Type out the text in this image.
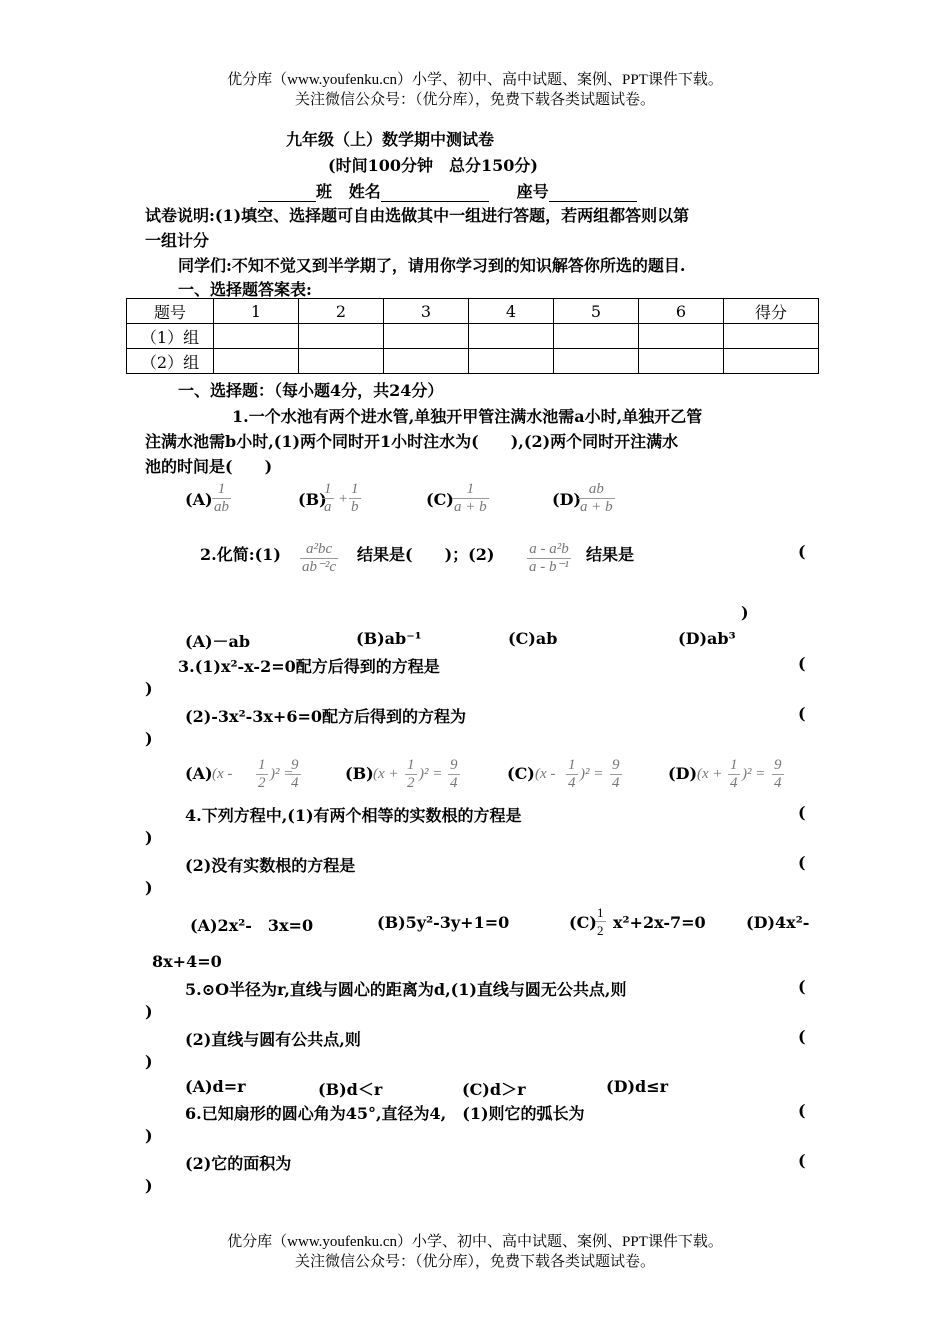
优分库（www.youfenku.cn）小学、初中、高中试题、案例、PPT课件下载。
关注微信公众号：（优分库），免费下载各类试题试卷。
九年级（上）数学期中测试卷
(时间100分钟　总分150分)
班 姓名	座号
试卷说明:(1)填空、选择题可自由选做其中一组进行答题，若两组都答则以第
一组计分
同学们:不知不觉又到半学期了，请用你学习到的知识解答你所选的题目.
一、选择题答案表:
题号	1	2	3	4	5	6	得分
（1）组							
（2）组							
一、选择题：（每小题4分，共24分）
1.一个水池有两个进水管,单独开甲管注满水池需a小时,单独开乙管
注满水池需b小时,(1)两个同时开1小时注水为(　　),(2)两个同时开注满水
池的时间是(　　)
$(A) \frac{1}{ab}$	(B)
$\frac{1}{a} + \frac{1}{b}$	(C)
$\frac{1}{a + b}$	(D)
$\frac{ab}{a + b}$
2.化简:(1) $\frac{\text{a²bc}}{\text{ab⁻²c}}$ 结果是(　　)；$(2) \frac{\text{a - a²b}}{\text{a - b⁻¹}}$ 结果是	(
)
(A)－ab	(B)ab⁻¹	(C)ab	(D)ab³
3.(1)x²-x-2=0配方后得到的方程是	(
)
(2)-3x²-3x+6=0配方后得到的方程为	(
)
(A) $(x - \frac{1}{2} )^2$ =
$\frac{9}{4}$	(B) $(x + \frac{1}{2} )^2 = \frac{9}{4}$	(C) $(x - \frac{1}{4} )^2 = \frac{9}{4}$	(D) $(x + \frac{1}{4} )^2 = \frac{9}{4}$
4.下列方程中,(1)有两个相等的实数根的方程是	(
)
(2)没有实数根的方程是	(
)
(A)2x²-　3x=0	(B)5y²-3y+1=0	(C)
$\frac{1}{2} x^2+2x-7=0$	(D)4x²-
8x+4=0
5.⊙O半径为r,直线与圆心的距离为d,(1)直线与圆无公共点,则	(
)
(2)直线与圆有公共点,则	(
)
(A)d=r	(B)d＜r	(C)d＞r	(D)d≤r
6.已知扇形的圆心角为45°,直径为4,　(1)则它的弧长为	(
)
(2)它的面积为	(
)
优分库（www.youfenku.cn）小学、初中、高中试题、案例、PPT课件下载。
关注微信公众号：（优分库），免费下载各类试题试卷。
